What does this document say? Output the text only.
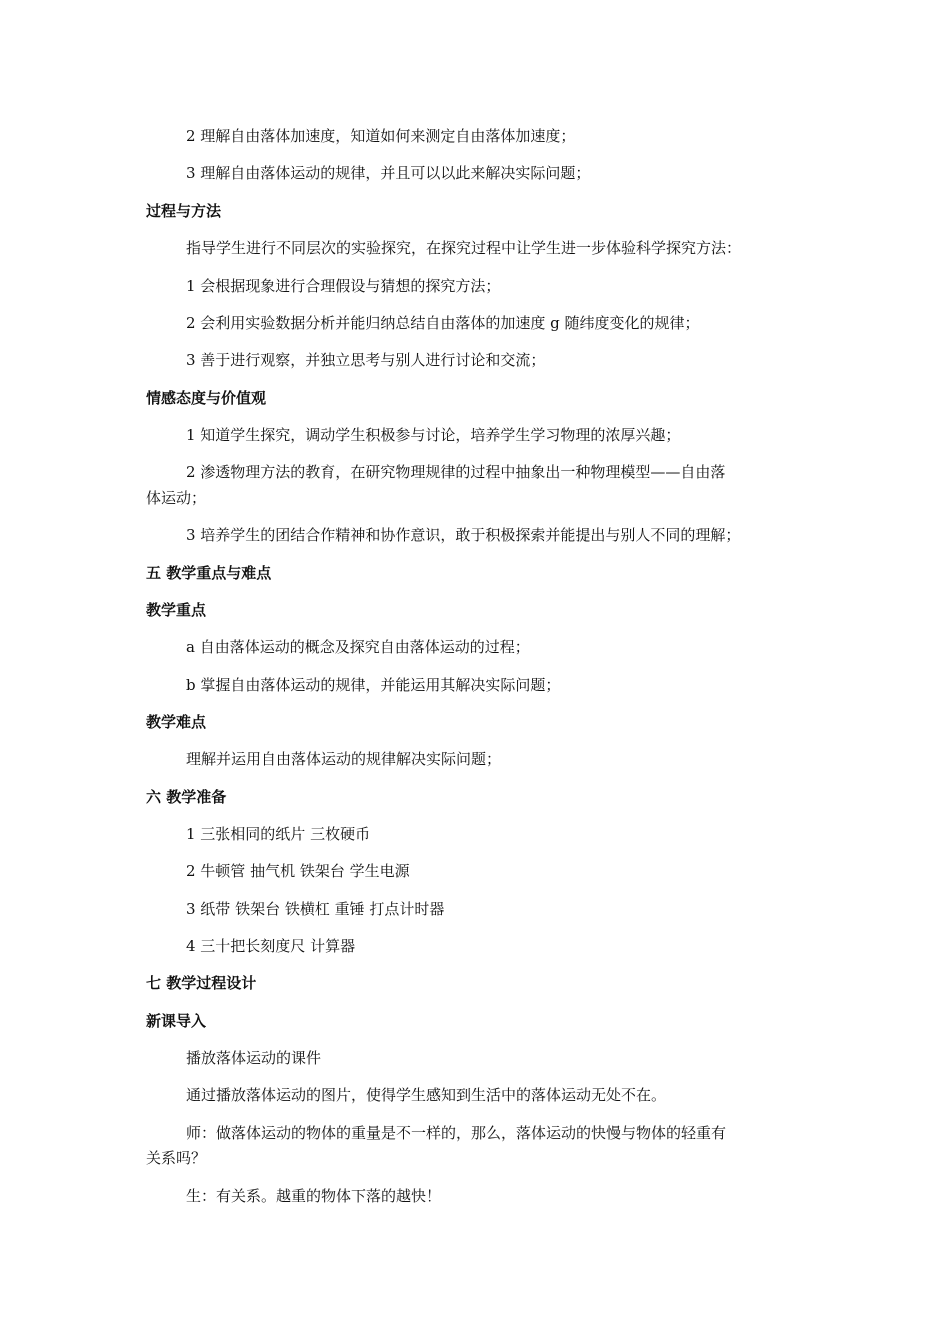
2 理解自由落体加速度，知道如何来测定自由落体加速度；
3 理解自由落体运动的规律，并且可以以此来解决实际问题；
过程与方法
指导学生进行不同层次的实验探究，在探究过程中让学生进一步体验科学探究方法：
1 会根据现象进行合理假设与猜想的探究方法；
2 会利用实验数据分析并能归纳总结自由落体的加速度 g 随纬度变化的规律；
3 善于进行观察，并独立思考与别人进行讨论和交流；
情感态度与价值观
1 知道学生探究，调动学生积极参与讨论，培养学生学习物理的浓厚兴趣；
2 渗透物理方法的教育，在研究物理规律的过程中抽象出一种物理模型——自由落
体运动；
3 培养学生的团结合作精神和协作意识，敢于积极探索并能提出与别人不同的理解；
五 教学重点与难点
教学重点
a 自由落体运动的概念及探究自由落体运动的过程；
b 掌握自由落体运动的规律，并能运用其解决实际问题；
教学难点
理解并运用自由落体运动的规律解决实际问题；
六 教学准备
1 三张相同的纸片 三枚硬币
2 牛顿管 抽气机 铁架台 学生电源
3 纸带 铁架台 铁横杠 重锤 打点计时器
4 三十把长刻度尺 计算器
七 教学过程设计
新课导入
播放落体运动的课件
通过播放落体运动的图片，使得学生感知到生活中的落体运动无处不在。
师：做落体运动的物体的重量是不一样的，那么，落体运动的快慢与物体的轻重有
关系吗？
生：有关系。越重的物体下落的越快！
